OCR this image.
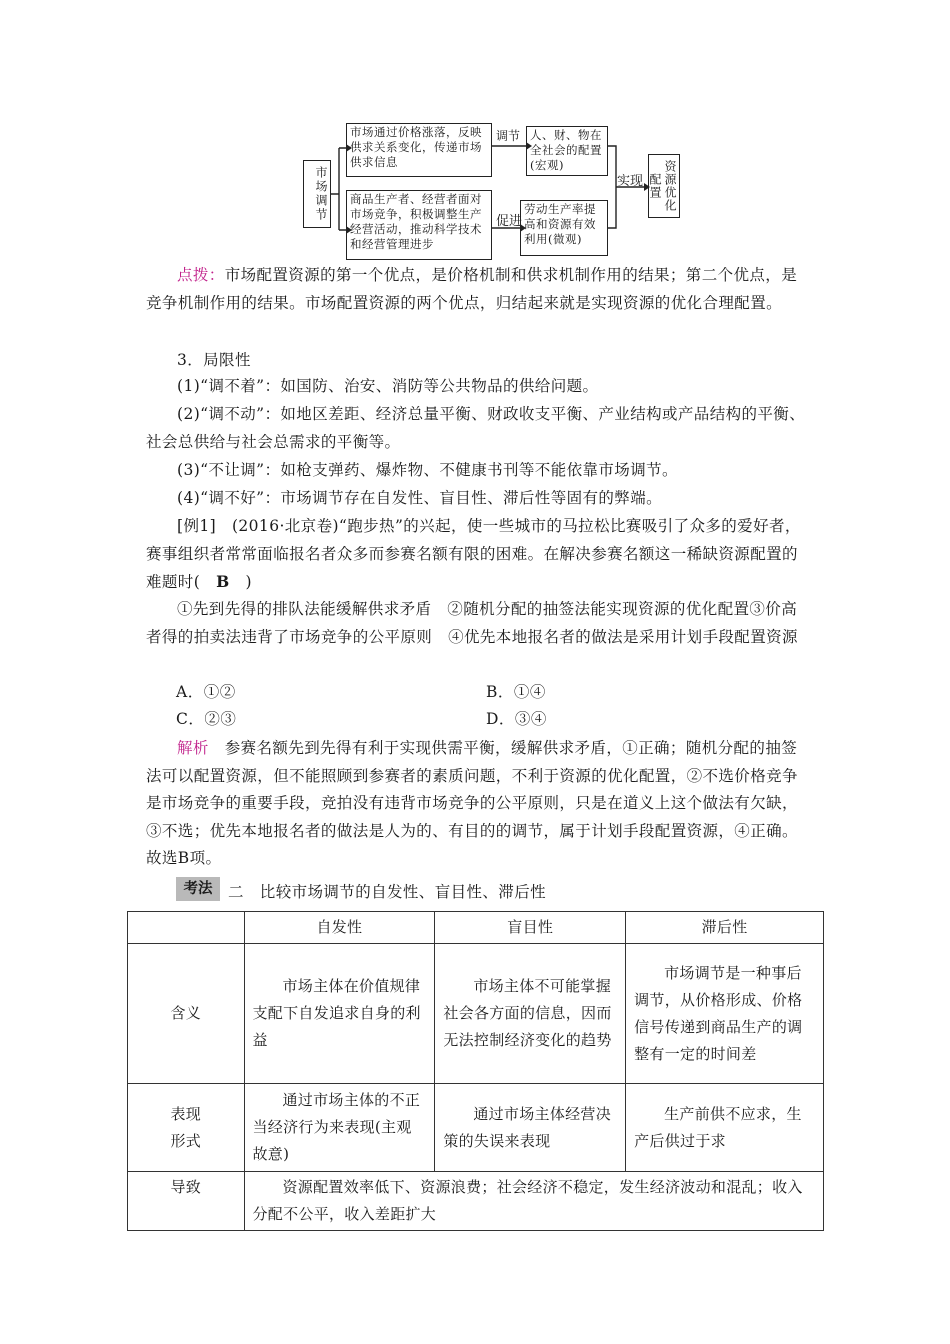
市场调节
市场通过价格涨落，反映供求关系变化，传递市场供求信息
调节 人、财、物在全社会的配置(宏观)
商品生产者、经营者面对市场竞争，积极调整生产经营活动，推动科学技术和经营管理进步
促进
劳动生产率提高和资源有效利用(微观)
实现	资源优化配置
点拨：市场配置资源的第一个优点，是价格机制和供求机制作用的结果；第二个优点，是竞争机制作用的结果。市场配置资源的两个优点，归结起来就是实现资源的优化合理配置。
3．局限性
(1)“调不着”：如国防、治安、消防等公共物品的供给问题。
(2)“调不动”：如地区差距、经济总量平衡、财政收支平衡、产业结构或产品结构的平衡、社会总供给与社会总需求的平衡等。
(3)“不让调”：如枪支弹药、爆炸物、不健康书刊等不能依靠市场调节。
(4)“调不好”：市场调节存在自发性、盲目性、滞后性等固有的弊端。
[例1]　(2016·北京卷)“跑步热”的兴起，使一些城市的马拉松比赛吸引了众多的爱好者，赛事组织者常常面临报名者众多而参赛名额有限的困难。在解决参赛名额这一稀缺资源配置的难题时(　B　)
①先到先得的排队法能缓解供求矛盾　②随机分配的抽签法能实现资源的优化配置③价高者得的拍卖法违背了市场竞争的公平原则　④优先本地报名者的做法是采用计划手段配置资源
A．①②	B．①④
C．②③	D．③④
解析　参赛名额先到先得有利于实现供需平衡，缓解供求矛盾，①正确；随机分配的抽签法可以配置资源，但不能照顾到参赛者的素质问题，不利于资源的优化配置，②不选价格竞争是市场竞争的重要手段，竞拍没有违背市场竞争的公平原则，只是在道义上这个做法有欠缺，③不选；优先本地报名者的做法是人为的、有目的的调节，属于计划手段配置资源，④正确。故选B项。
考法	二　比较市场调节的自发性、盲目性、滞后性
	自发性	盲目性	滞后性
含义	市场主体在价值规律支配下自发追求自身的利益	市场主体不可能掌握社会各方面的信息，因而无法控制经济变化的趋势	市场调节是一种事后调节，从价格形成、价格信号传递到商品生产的调整有一定的时间差
表现形式	通过市场主体的不正当经济行为来表现(主观故意)	通过市场主体经营决策的失误来表现	生产前供不应求，生产后供过于求
导致	资源配置效率低下、资源浪费；社会经济不稳定，发生经济波动和混乱；收入分配不公平，收入差距扩大		
